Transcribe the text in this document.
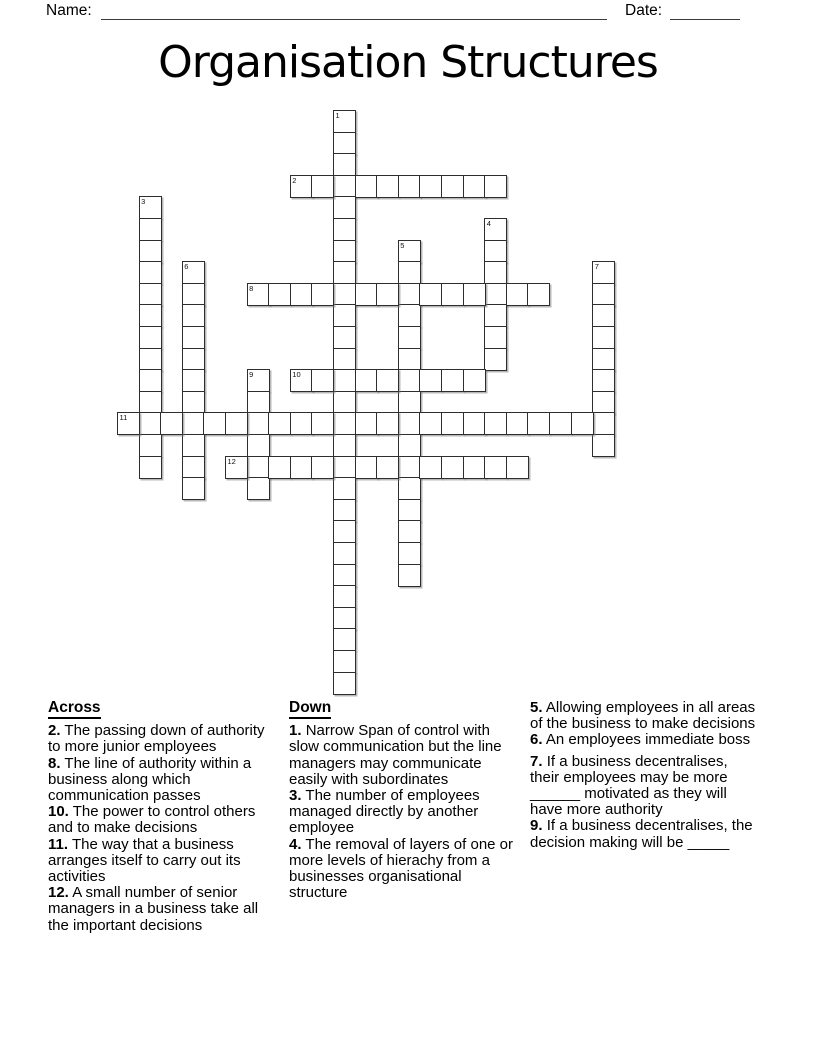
Name:	Date:
Organisation Structures
1
2
3
4
5
6	7
8
9	10
11
12
Across
2. The passing down of authority to more junior employees
8. The line of authority within a business along which communication passes
10. The power to control others and to make decisions
11. The way that a business arranges itself to carry out its activities
12. A small number of senior managers in a business take all the important decisions
Down
1. Narrow Span of control with slow communication but the line managers may communicate easily with subordinates
3. The number of employees managed directly by another employee
4. The removal of layers of one or more levels of hierachy from a businesses organisational structure
5. Allowing employees in all areas of the business to make decisions
6. An employees immediate boss
7. If a business decentralises, their employees may be more ______ motivated as they will have more authority
9. If a business decentralises, the decision making will be _____
